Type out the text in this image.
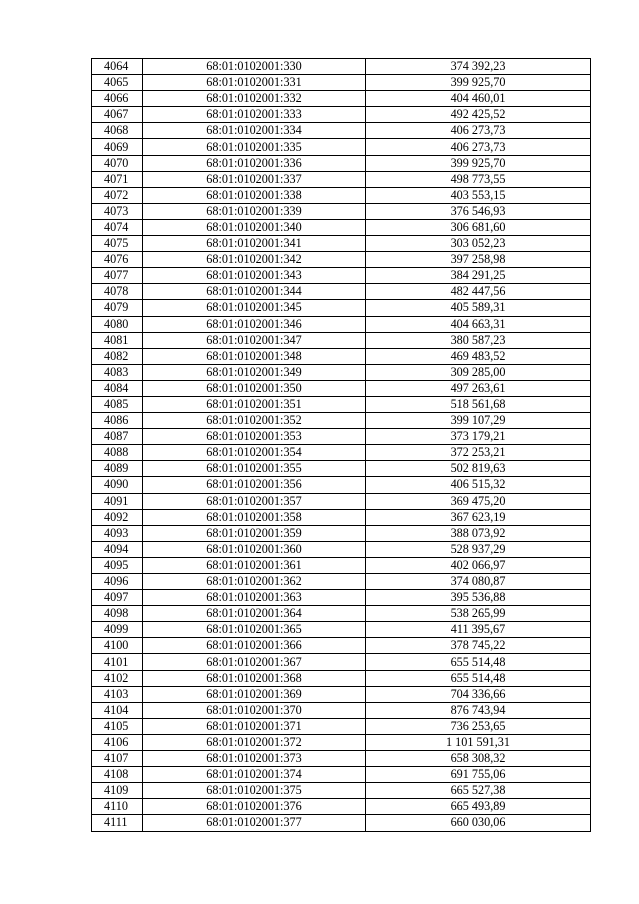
4064	68:01:0102001:330	374 392,23
4065	68:01:0102001:331	399 925,70
4066	68:01:0102001:332	404 460,01
4067	68:01:0102001:333	492 425,52
4068	68:01:0102001:334	406 273,73
4069	68:01:0102001:335	406 273,73
4070	68:01:0102001:336	399 925,70
4071	68:01:0102001:337	498 773,55
4072	68:01:0102001:338	403 553,15
4073	68:01:0102001:339	376 546,93
4074	68:01:0102001:340	306 681,60
4075	68:01:0102001:341	303 052,23
4076	68:01:0102001:342	397 258,98
4077	68:01:0102001:343	384 291,25
4078	68:01:0102001:344	482 447,56
4079	68:01:0102001:345	405 589,31
4080	68:01:0102001:346	404 663,31
4081	68:01:0102001:347	380 587,23
4082	68:01:0102001:348	469 483,52
4083	68:01:0102001:349	309 285,00
4084	68:01:0102001:350	497 263,61
4085	68:01:0102001:351	518 561,68
4086	68:01:0102001:352	399 107,29
4087	68:01:0102001:353	373 179,21
4088	68:01:0102001:354	372 253,21
4089	68:01:0102001:355	502 819,63
4090	68:01:0102001:356	406 515,32
4091	68:01:0102001:357	369 475,20
4092	68:01:0102001:358	367 623,19
4093	68:01:0102001:359	388 073,92
4094	68:01:0102001:360	528 937,29
4095	68:01:0102001:361	402 066,97
4096	68:01:0102001:362	374 080,87
4097	68:01:0102001:363	395 536,88
4098	68:01:0102001:364	538 265,99
4099	68:01:0102001:365	411 395,67
4100	68:01:0102001:366	378 745,22
4101	68:01:0102001:367	655 514,48
4102	68:01:0102001:368	655 514,48
4103	68:01:0102001:369	704 336,66
4104	68:01:0102001:370	876 743,94
4105	68:01:0102001:371	736 253,65
4106	68:01:0102001:372	1 101 591,31
4107	68:01:0102001:373	658 308,32
4108	68:01:0102001:374	691 755,06
4109	68:01:0102001:375	665 527,38
4110	68:01:0102001:376	665 493,89
4111	68:01:0102001:377	660 030,06
